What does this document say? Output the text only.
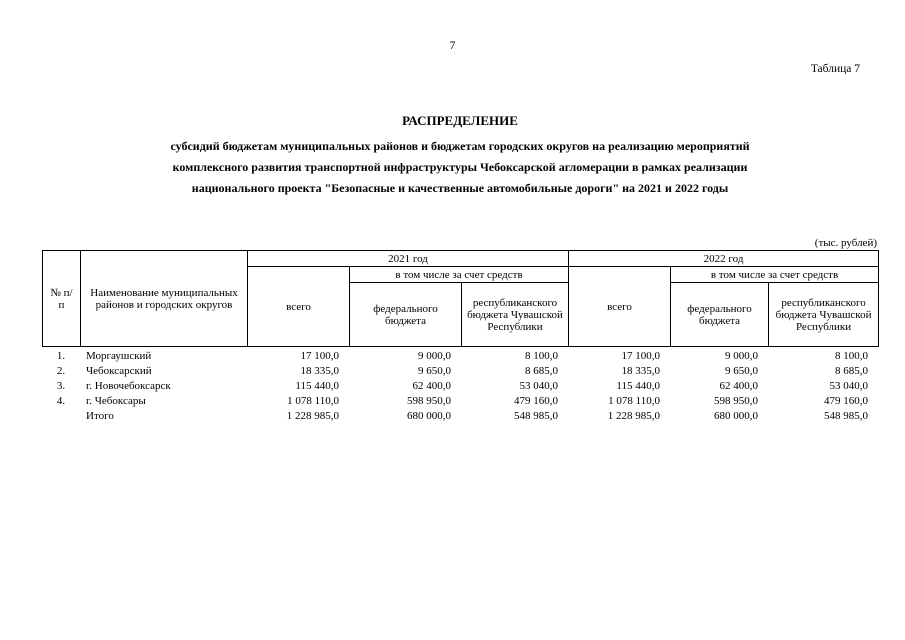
7
Таблица 7
РАСПРЕДЕЛЕНИЕ
субсидий бюджетам муниципальных районов и бюджетам городских округов на реализацию мероприятий
комплексного развития транспортной инфраструктуры Чебоксарской агломерации в рамках реализации
национального проекта "Безопасные и качественные автомобильные дороги" на 2021 и 2022 годы
(тыс. рублей)
№ п/п	Наименование муниципальных районов и городских округов	2021 год			2022 год		
		всего	в том числе за счет средств		всего	в том числе за счет средств	
			федерального бюджета	республиканского бюджета Чувашской Республики		федерального бюджета	республиканского бюджета Чувашской Республики
1.	Моргаушский	17 100,0	9 000,0	8 100,0	17 100,0	9 000,0	8 100,0
2.	Чебоксарский	18 335,0	9 650,0	8 685,0	18 335,0	9 650,0	8 685,0
3.	г. Новочебоксарск	115 440,0	62 400,0	53 040,0	115 440,0	62 400,0	53 040,0
4.	г. Чебоксары	1 078 110,0	598 950,0	479 160,0	1 078 110,0	598 950,0	479 160,0
	Итого	1 228 985,0	680 000,0	548 985,0	1 228 985,0	680 000,0	548 985,0
